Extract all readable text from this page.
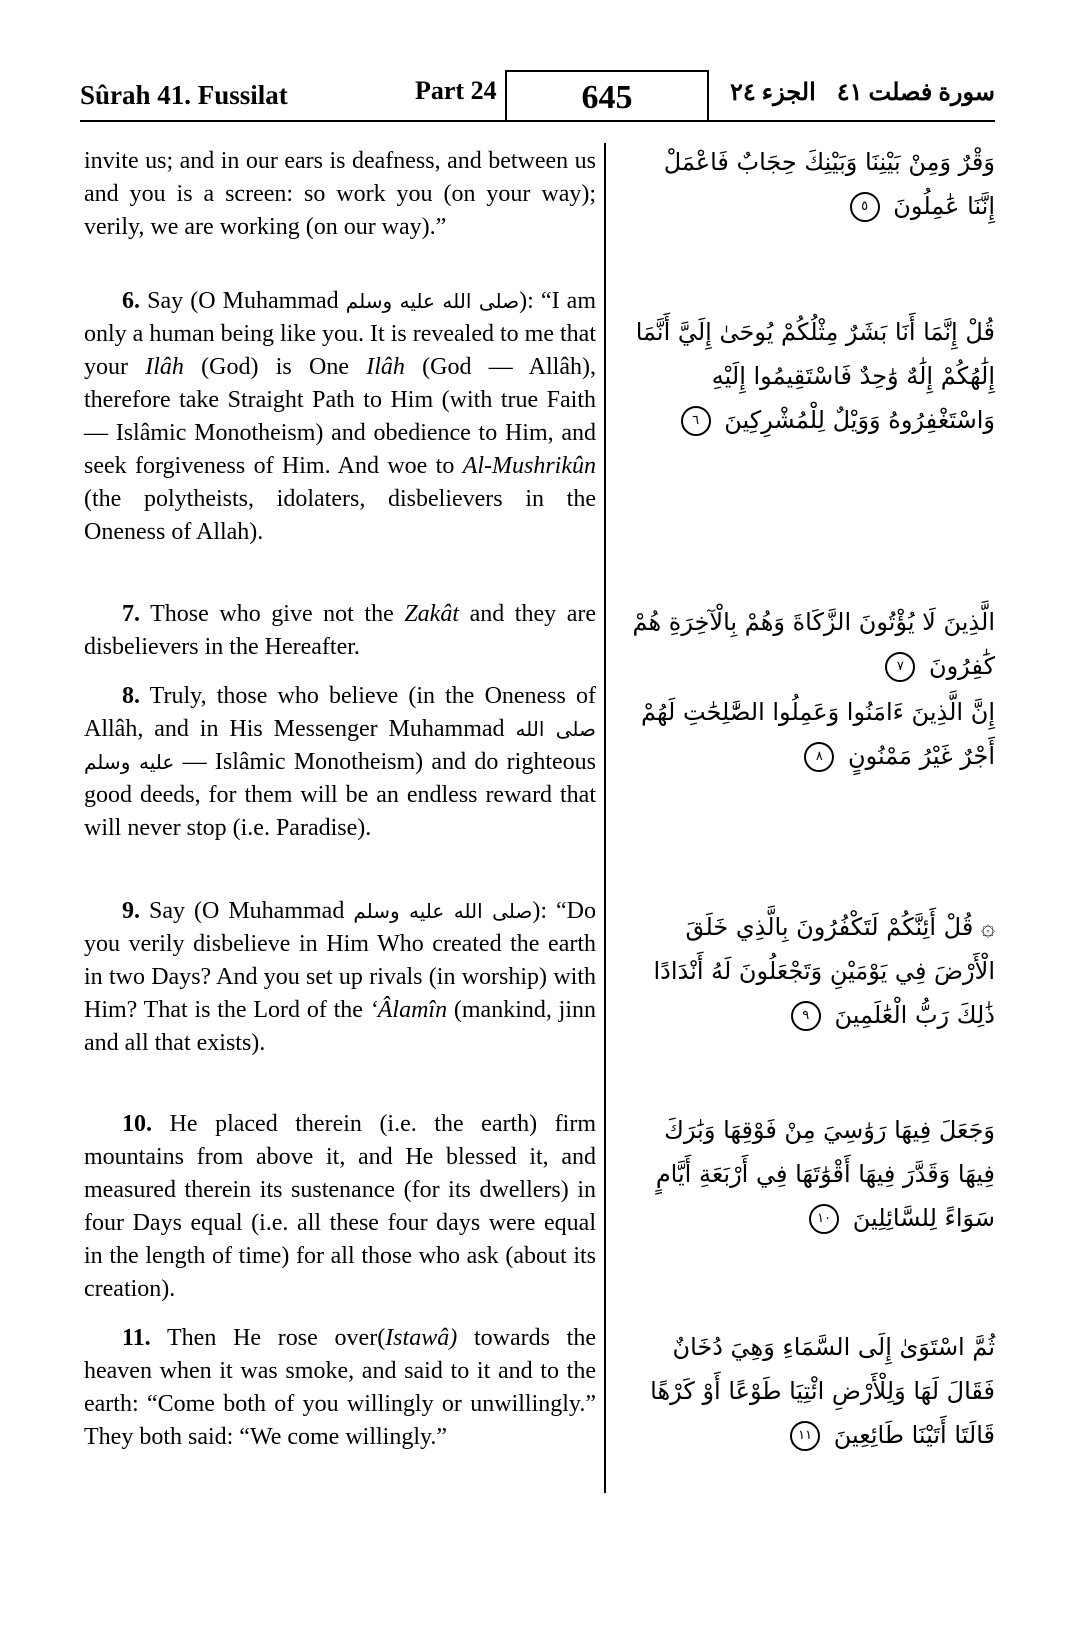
Sûrah 41. Fussilat	Part 24	645	الجزء ٢٤ سورة فصلت ٤١
invite us; and in our ears is deafness, and between us and you is a screen: so work you (on your way); verily, we are working (on our way).”
وَقْرٌ وَمِنْ بَيْنِنَا وَبَيْنِكَ حِجَابٌ فَاعْمَلْ إِنَّنَا عَٰمِلُونَ ٥
6. Say (O Muhammad صلى الله عليه وسلم): “I am only a human being like you. It is revealed to me that your Ilâh (God) is One Ilâh (God — Allâh), therefore take Straight Path to Him (with true Faith — Islâmic Monotheism) and obedience to Him, and seek forgiveness of Him. And woe to Al-Mushrikûn (the polytheists, idolaters, disbelievers in the Oneness of Allah).
قُلْ إِنَّمَا أَنَا بَشَرٌ مِثْلُكُمْ يُوحَىٰ إِلَيَّ أَنَّمَا إِلَٰهُكُمْ إِلَٰهٌ وَٰحِدٌ فَاسْتَقِيمُوا إِلَيْهِ وَاسْتَغْفِرُوهُ وَوَيْلٌ لِلْمُشْرِكِينَ ٦
7. Those who give not the Zakât and they are disbelievers in the Hereafter.
الَّذِينَ لَا يُؤْتُونَ الزَّكَاةَ وَهُمْ بِالْآخِرَةِ هُمْ كَٰفِرُونَ ٧
8. Truly, those who believe (in the Oneness of Allâh, and in His Messenger Muhammad صلى الله عليه وسلم — Islâmic Monotheism) and do righteous good deeds, for them will be an endless reward that will never stop (i.e. Paradise).
إِنَّ الَّذِينَ ءَامَنُوا وَعَمِلُوا الصَّٰلِحَٰتِ لَهُمْ أَجْرٌ غَيْرُ مَمْنُونٍ ٨
9. Say (O Muhammad صلى الله عليه وسلم): “Do you verily disbelieve in Him Who created the earth in two Days? And you set up rivals (in worship) with Him? That is the Lord of the ‘Âlamîn (mankind, jinn and all that exists).
۞ قُلْ أَئِنَّكُمْ لَتَكْفُرُونَ بِالَّذِي خَلَقَ الْأَرْضَ فِي يَوْمَيْنِ وَتَجْعَلُونَ لَهُ أَنْدَادًا ذَٰلِكَ رَبُّ الْعَٰلَمِينَ ٩
10. He placed therein (i.e. the earth) firm mountains from above it, and He blessed it, and measured therein its sustenance (for its dwellers) in four Days equal (i.e. all these four days were equal in the length of time) for all those who ask (about its creation).
وَجَعَلَ فِيهَا رَوَٰسِيَ مِنْ فَوْقِهَا وَبَٰرَكَ فِيهَا وَقَدَّرَ فِيهَا أَقْوَٰتَهَا فِي أَرْبَعَةِ أَيَّامٍ سَوَاءً لِلسَّائِلِينَ ١٠
11. Then He rose over(Istawâ) towards the heaven when it was smoke, and said to it and to the earth: “Come both of you willingly or unwillingly.” They both said: “We come willingly.”
ثُمَّ اسْتَوَىٰ إِلَى السَّمَاءِ وَهِيَ دُخَانٌ فَقَالَ لَهَا وَلِلْأَرْضِ ائْتِيَا طَوْعًا أَوْ كَرْهًا قَالَتَا أَتَيْنَا طَائِعِينَ ١١
